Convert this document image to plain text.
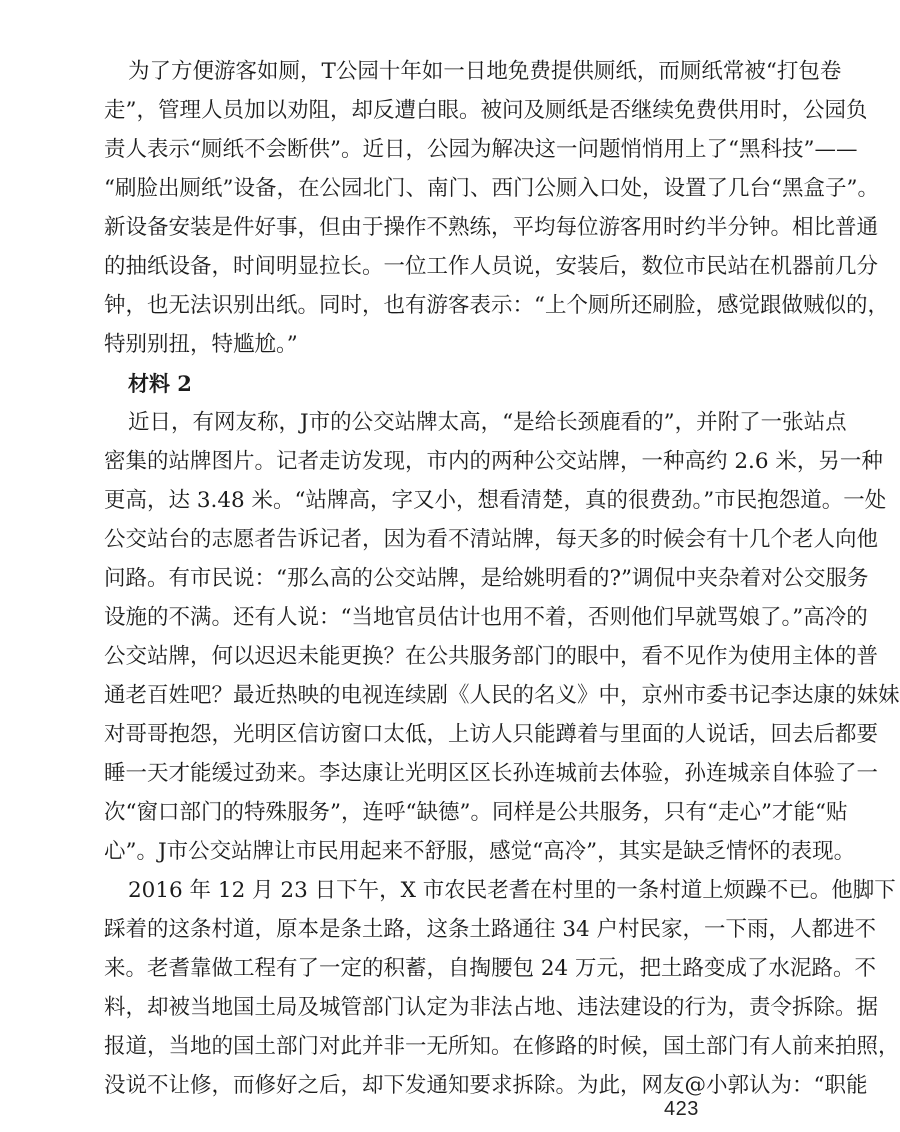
为了方便游客如厕，T公园十年如一日地免费提供厕纸，而厕纸常被“打包卷
走”，管理人员加以劝阻，却反遭白眼。被问及厕纸是否继续免费供用时，公园负
责人表示“厕纸不会断供”。近日，公园为解决这一问题悄悄用上了“黑科技”——
“刷脸出厕纸”设备，在公园北门、南门、西门公厕入口处，设置了几台“黑盒子”。
新设备安装是件好事，但由于操作不熟练，平均每位游客用时约半分钟。相比普通
的抽纸设备，时间明显拉长。一位工作人员说，安装后，数位市民站在机器前几分
钟，也无法识别出纸。同时，也有游客表示：“上个厕所还刷脸，感觉跟做贼似的，
特别别扭，特尴尬。”
材料 2
近日，有网友称，J市的公交站牌太高，“是给长颈鹿看的”，并附了一张站点
密集的站牌图片。记者走访发现，市内的两种公交站牌，一种高约 2.6 米，另一种
更高，达 3.48 米。“站牌高，字又小，想看清楚，真的很费劲。”市民抱怨道。一处
公交站台的志愿者告诉记者，因为看不清站牌，每天多的时候会有十几个老人向他
问路。有市民说：“那么高的公交站牌，是给姚明看的?”调侃中夹杂着对公交服务
设施的不满。还有人说：“当地官员估计也用不着，否则他们早就骂娘了。”高冷的
公交站牌，何以迟迟未能更换？在公共服务部门的眼中，看不见作为使用主体的普
通老百姓吧？最近热映的电视连续剧《人民的名义》中，京州市委书记李达康的妹妹
对哥哥抱怨，光明区信访窗口太低，上访人只能蹲着与里面的人说话，回去后都要
睡一天才能缓过劲来。李达康让光明区区长孙连城前去体验，孙连城亲自体验了一
次“窗口部门的特殊服务”，连呼“缺德”。同样是公共服务，只有“走心”才能“贴
心”。J市公交站牌让市民用起来不舒服，感觉“高冷”，其实是缺乏情怀的表现。
2016 年 12 月 23 日下午，X 市农民老耆在村里的一条村道上烦躁不已。他脚下
踩着的这条村道，原本是条土路，这条土路通往 34 户村民家，一下雨，人都进不
来。老耆靠做工程有了一定的积蓄，自掏腰包 24 万元，把土路变成了水泥路。不
料，却被当地国土局及城管部门认定为非法占地、违法建设的行为，责令拆除。据
报道，当地的国土部门对此并非一无所知。在修路的时候，国土部门有人前来拍照，
没说不让修，而修好之后，却下发通知要求拆除。为此，网友@小郭认为：“职能
423
